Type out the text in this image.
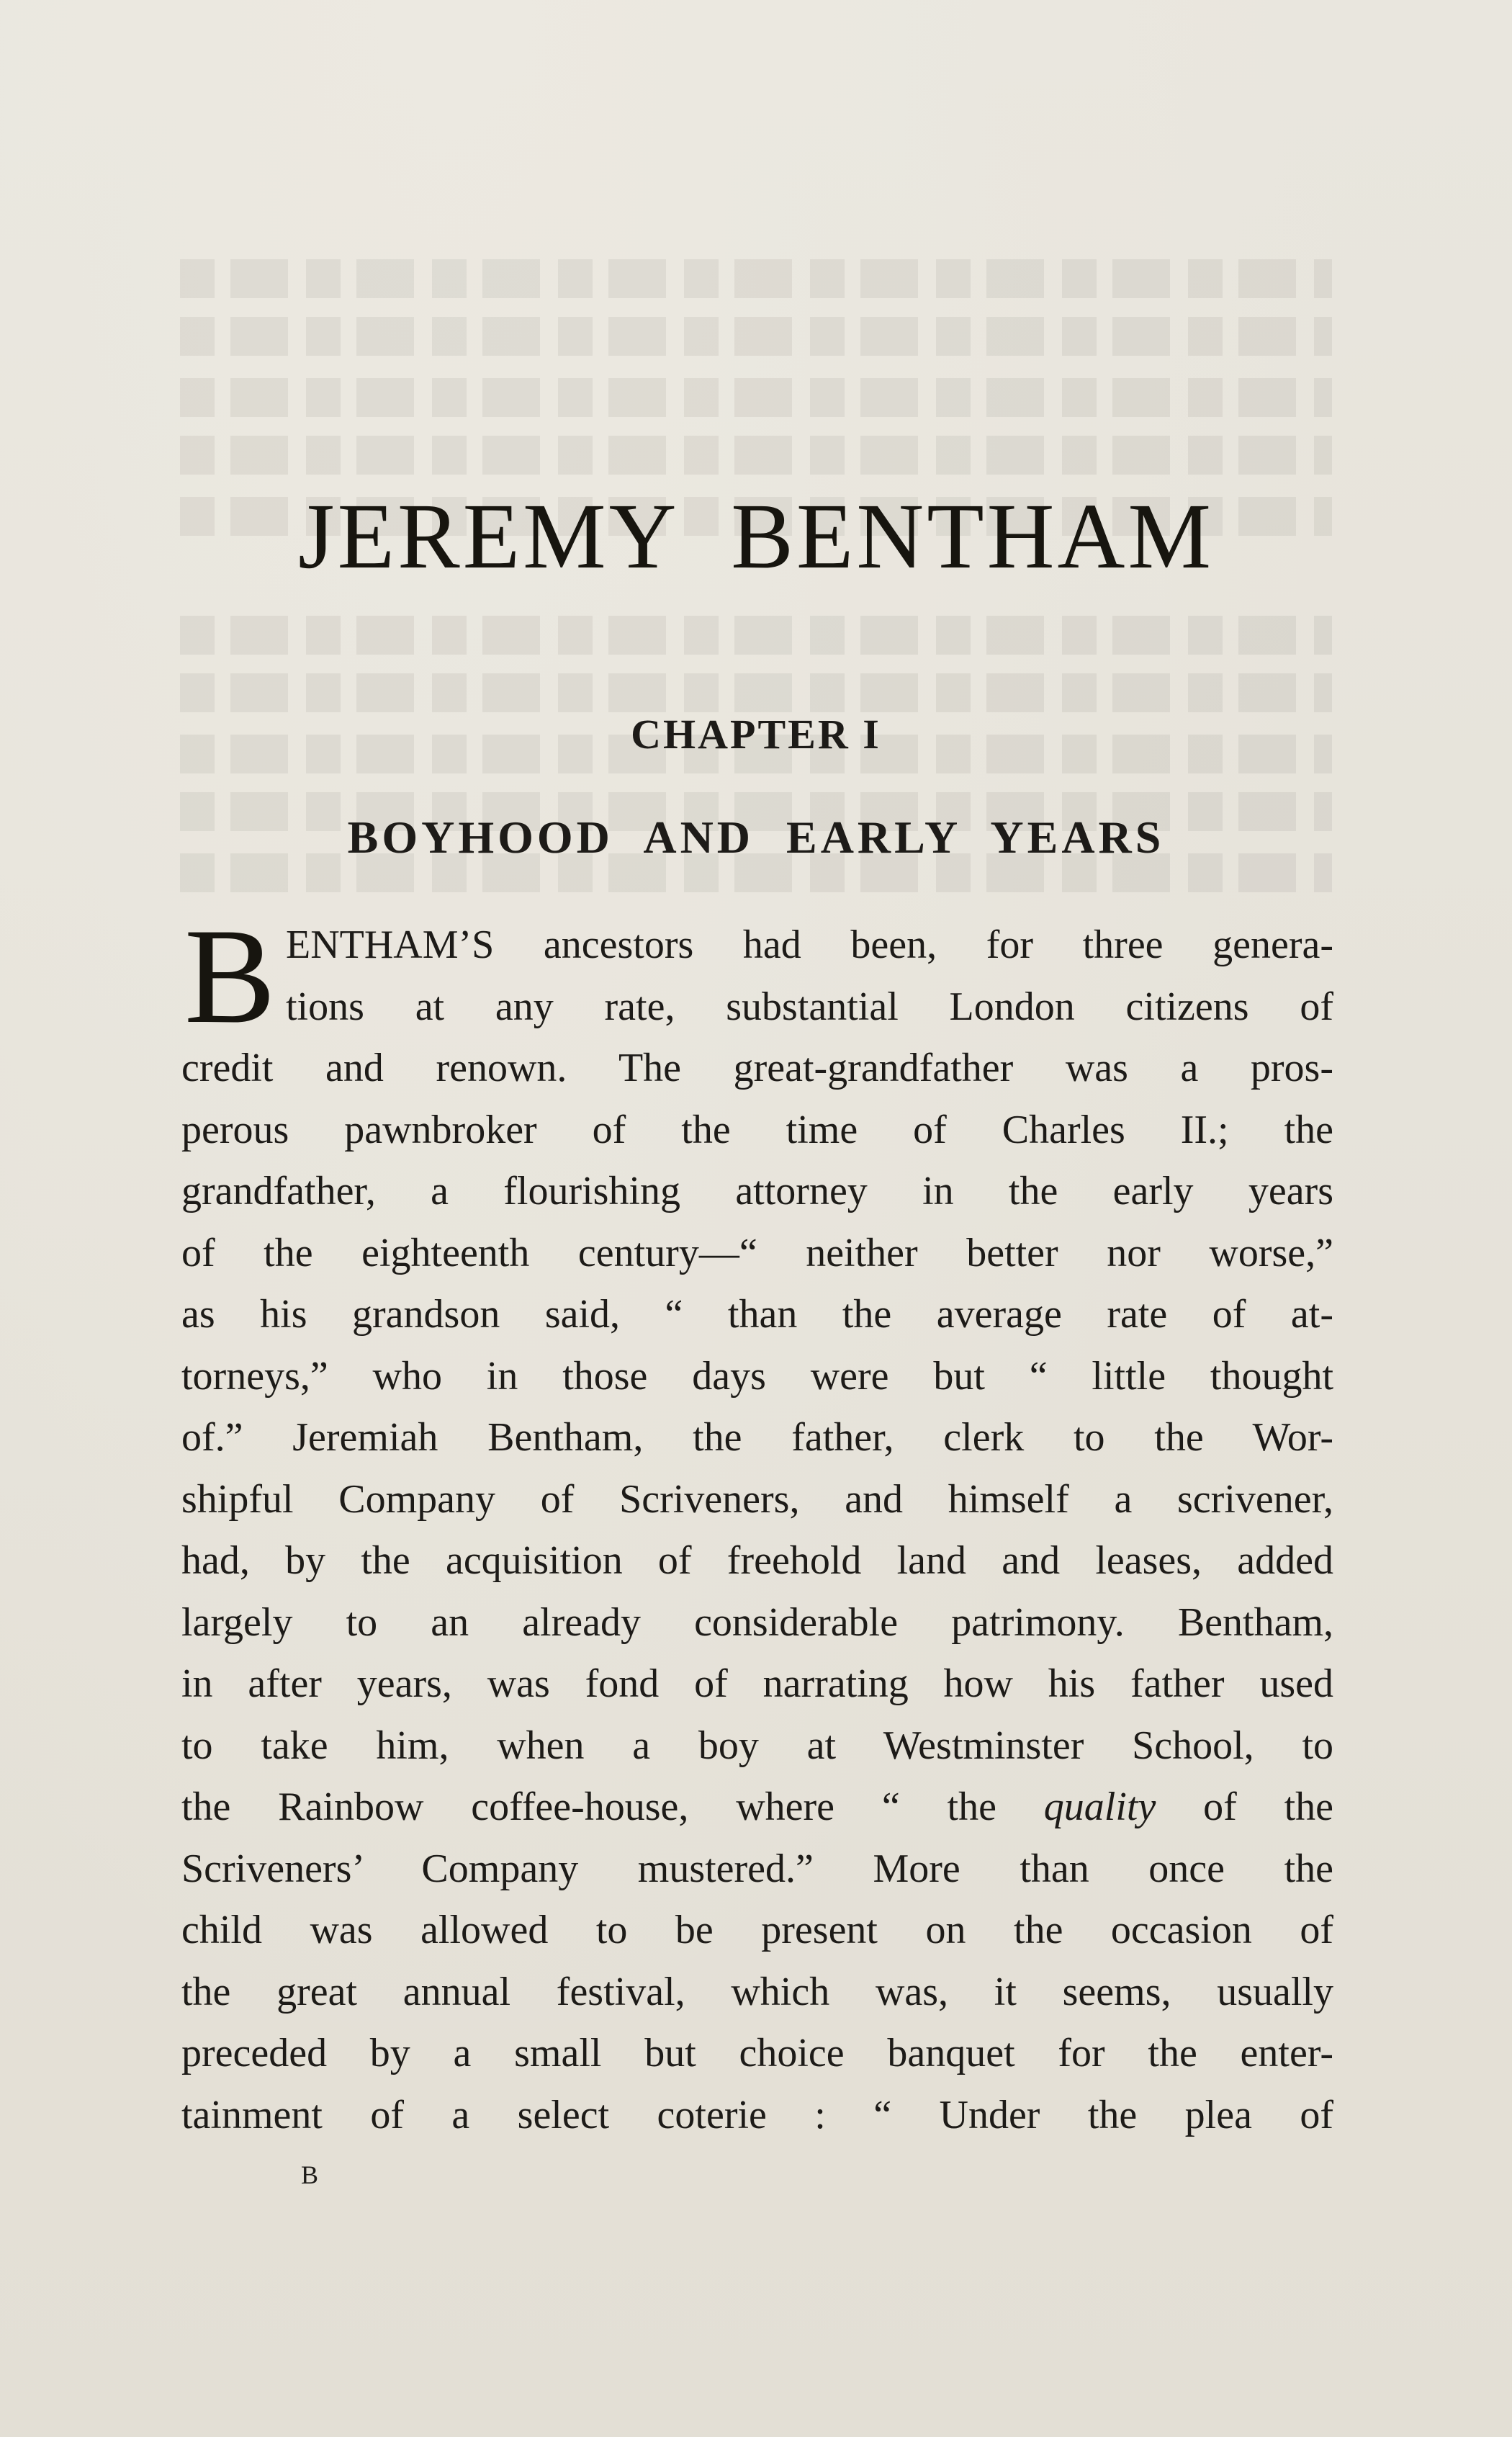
JEREMY BENTHAM
CHAPTER I
BOYHOOD AND EARLY YEARS
B ENTHAM’S ancestors had been, for three genera-
tions at any rate, substantial London citizens of
credit and renown. The great-grandfather was a pros-
perous pawnbroker of the time of Charles II.; the
grandfather, a flourishing attorney in the early years
of the eighteenth century—“ neither better nor worse,”
as his grandson said, “ than the average rate of at-
torneys,” who in those days were but “ little thought
of.” Jeremiah Bentham, the father, clerk to the Wor-
shipful Company of Scriveners, and himself a scrivener,
had, by the acquisition of freehold land and leases, added
largely to an already considerable patrimony. Bentham,
in after years, was fond of narrating how his father used
to take him, when a boy at Westminster School, to
the Rainbow coffee-house, where “ the quality of the
Scriveners’ Company mustered.” More than once the
child was allowed to be present on the occasion of
the great annual festival, which was, it seems, usually
preceded by a small but choice banquet for the enter-
tainment of a select coterie : “ Under the plea of
B
